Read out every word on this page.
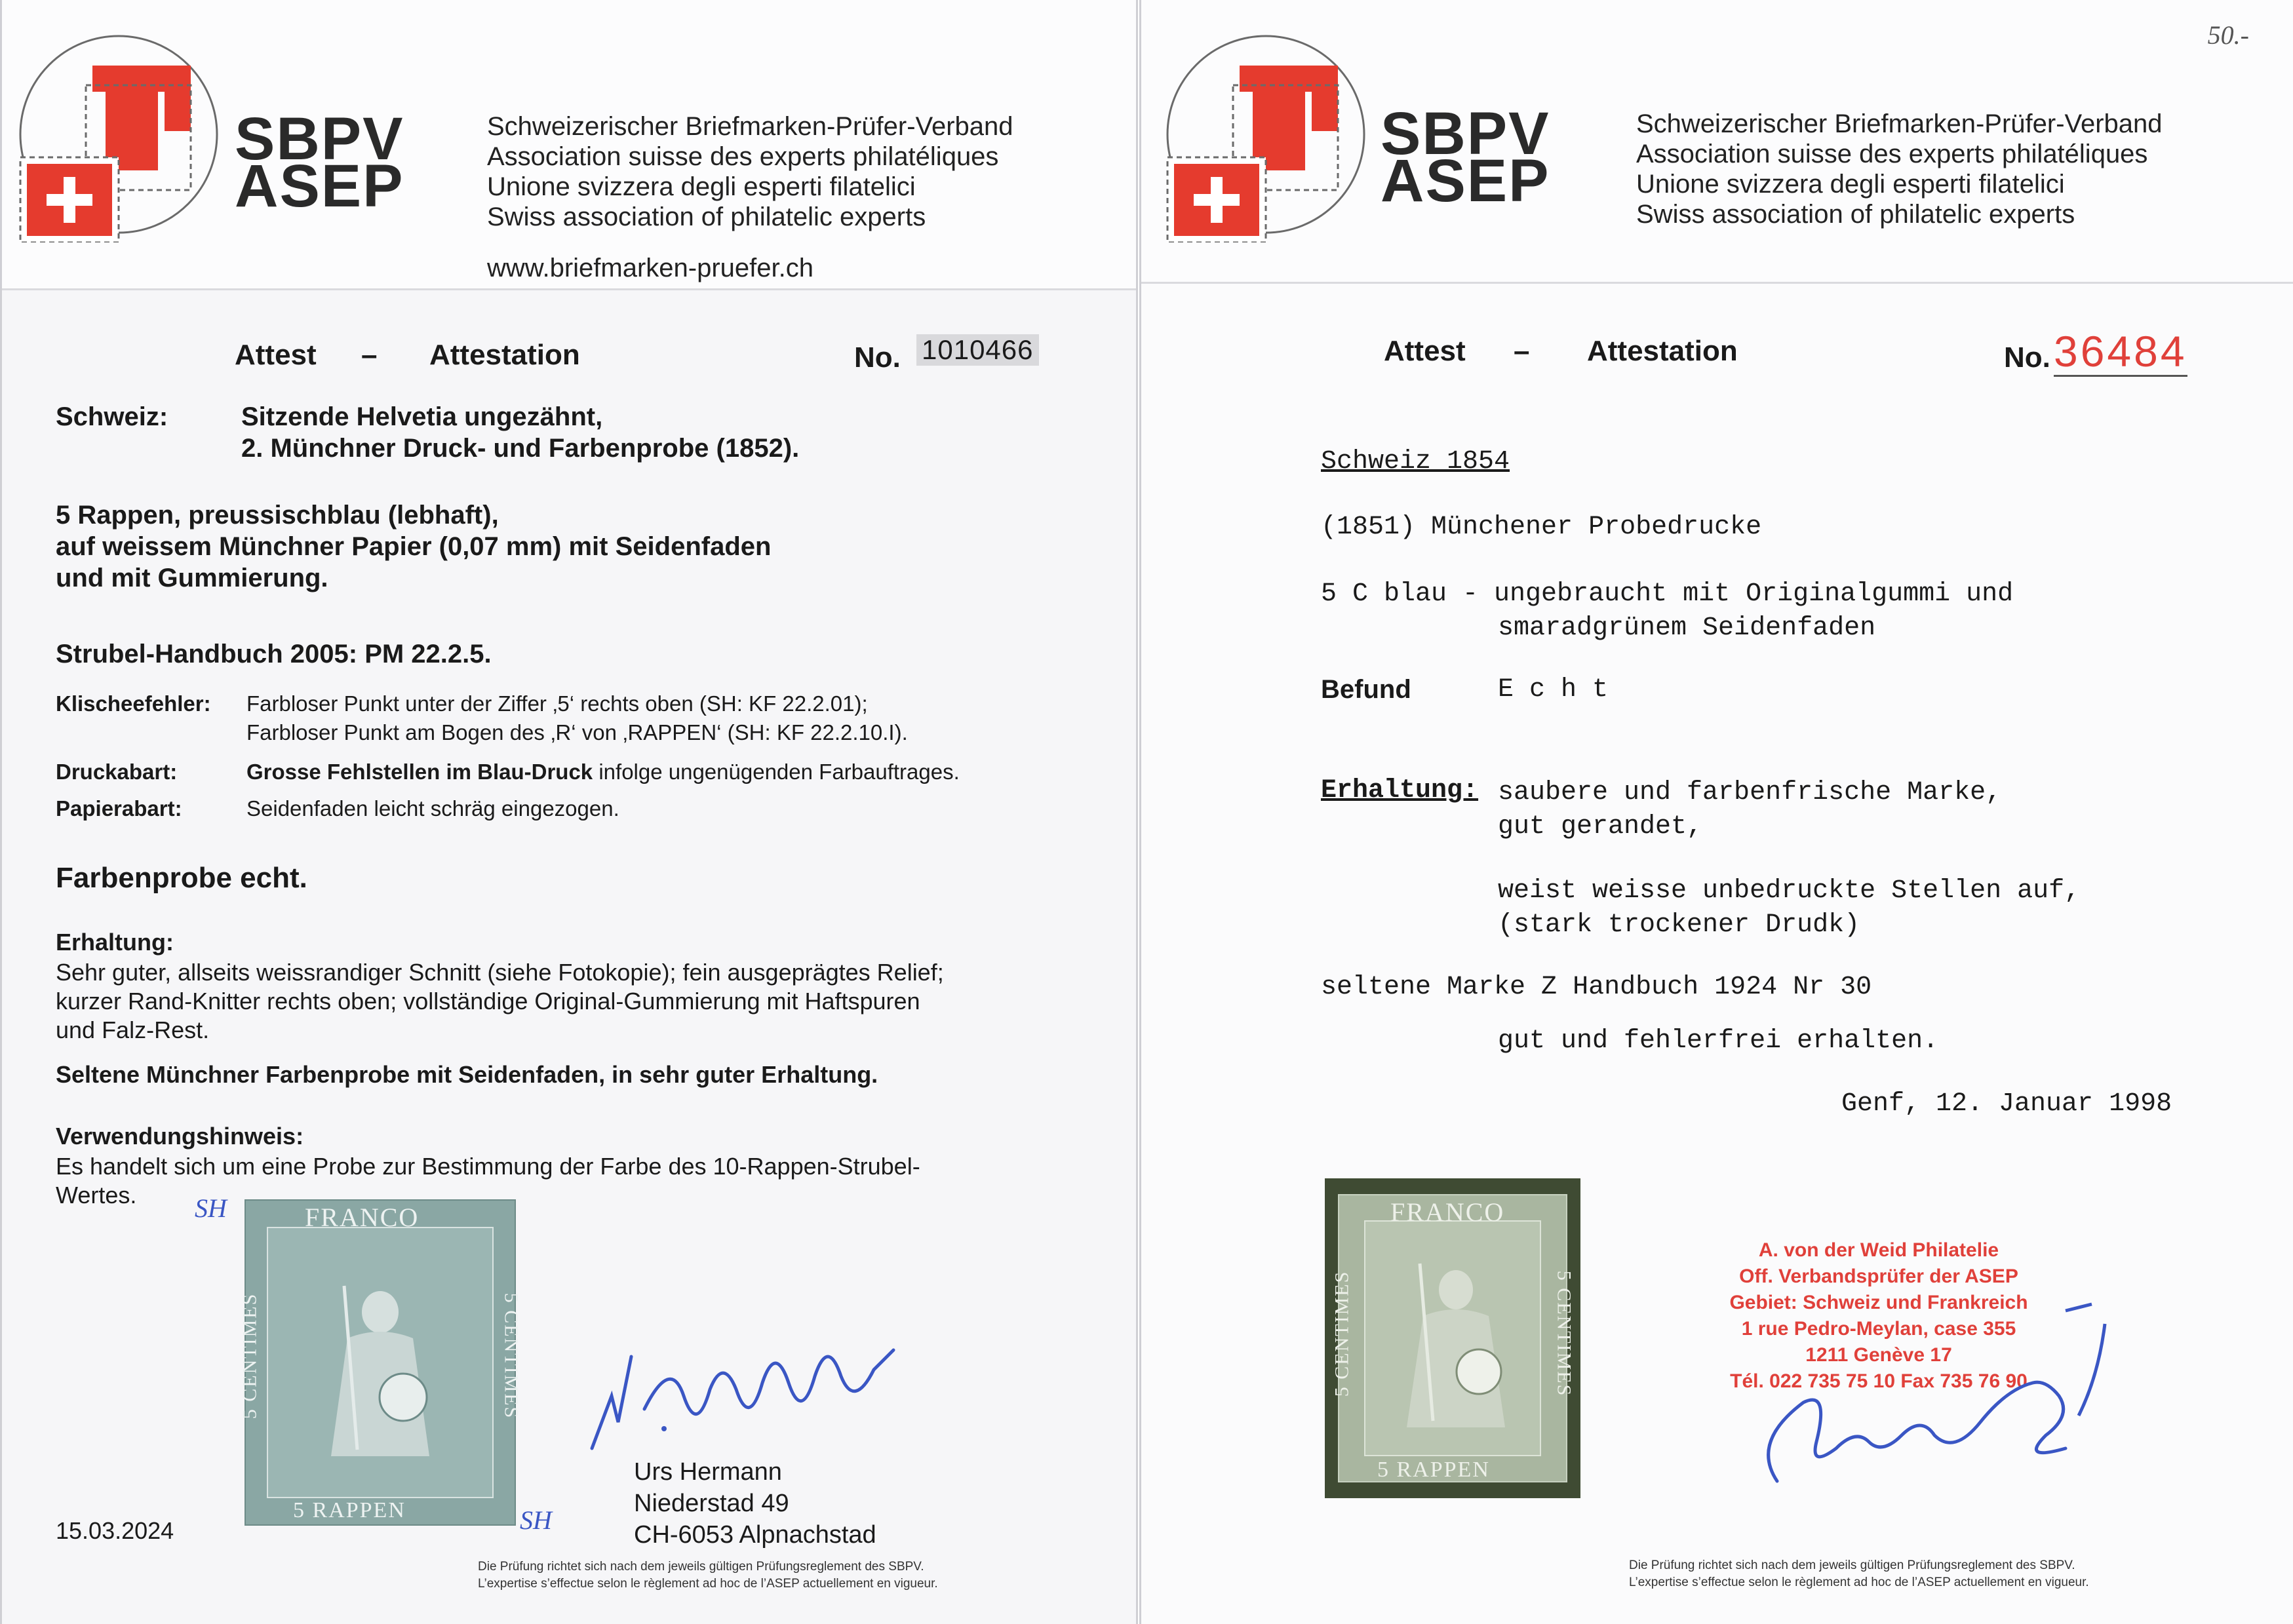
SBPV
ASEP
Schweizerischer Briefmarken-Prüfer-Verband
Association suisse des experts philatéliques
Unione svizzera degli esperti filatelici
Swiss association of philatelic experts
www.briefmarken-pruefer.ch
Attest – Attestation	No. 1010466
Schweiz:	Sitzende Helvetia ungezähnt,
2. Münchner Druck- und Farbenprobe (1852).
5 Rappen, preussischblau (lebhaft),
auf weissem Münchner Papier (0,07 mm) mit Seidenfaden
und mit Gummierung.
Strubel-Handbuch 2005: PM 22.2.5.
Klischeefehler: Farbloser Punkt unter der Ziffer ‚5‘ rechts oben (SH: KF 22.2.01);
Farbloser Punkt am Bogen des ‚R‘ von ‚RAPPEN‘ (SH: KF 22.2.10.I).
Druckabart:	Grosse Fehlstellen im Blau-Druck infolge ungenügenden Farbauftrages.
Papierabart:	Seidenfaden leicht schräg eingezogen.
Farbenprobe echt.
Erhaltung:
Sehr guter, allseits weissrandiger Schnitt (siehe Fotokopie); fein ausgeprägtes Relief;
kurzer Rand-Knitter rechts oben; vollständige Original-Gummierung mit Haftspuren
und Falz-Rest.
Seltene Münchner Farbenprobe mit Seidenfaden, in sehr guter Erhaltung.
Verwendungshinweis:
Es handelt sich um eine Probe zur Bestimmung der Farbe des 10-Rappen-Strubel-
Wertes.
FRANCO
5 RAPPEN
5 CENTIMES	5 CENTIMES
SH
SH
15.03.2024
Urs Hermann
Niederstad 49
CH-6053 Alpnachstad
Die Prüfung richtet sich nach dem jeweils gültigen Prüfungsreglement des SBPV.
L’expertise s’effectue selon le règlement ad hoc de l’ASEP actuellement en vigueur.
50.-
SBPV
ASEP
Schweizerischer Briefmarken-Prüfer-Verband
Association suisse des experts philatéliques
Unione svizzera degli esperti filatelici
Swiss association of philatelic experts
Attest – Attestation	No. 36484
Schweiz 1854
(1851) Münchener Probedrucke
5 C blau - ungebraucht mit Originalgummi und
smaradgrünem Seidenfaden
Befund	E c h t
Erhaltung: saubere und farbenfrische Marke,
gut gerandet,
weist weisse unbedruckte Stellen auf,
(stark trockener Drudk)
seltene Marke Z Handbuch 1924 Nr 30
gut und fehlerfrei erhalten.
Genf, 12. Januar 1998
FRANCO
5 RAPPEN
5 CENTIMES	5 CENTIMES
A. von der Weid Philatelie
Off. Verbandsprüfer der ASEP
Gebiet: Schweiz und Frankreich
1 rue Pedro-Meylan, case 355
1211 Genève 17
Tél. 022 735 75 10 Fax 735 76 90
Die Prüfung richtet sich nach dem jeweils gültigen Prüfungsreglement des SBPV.
L’expertise s’effectue selon le règlement ad hoc de l’ASEP actuellement en vigueur.
